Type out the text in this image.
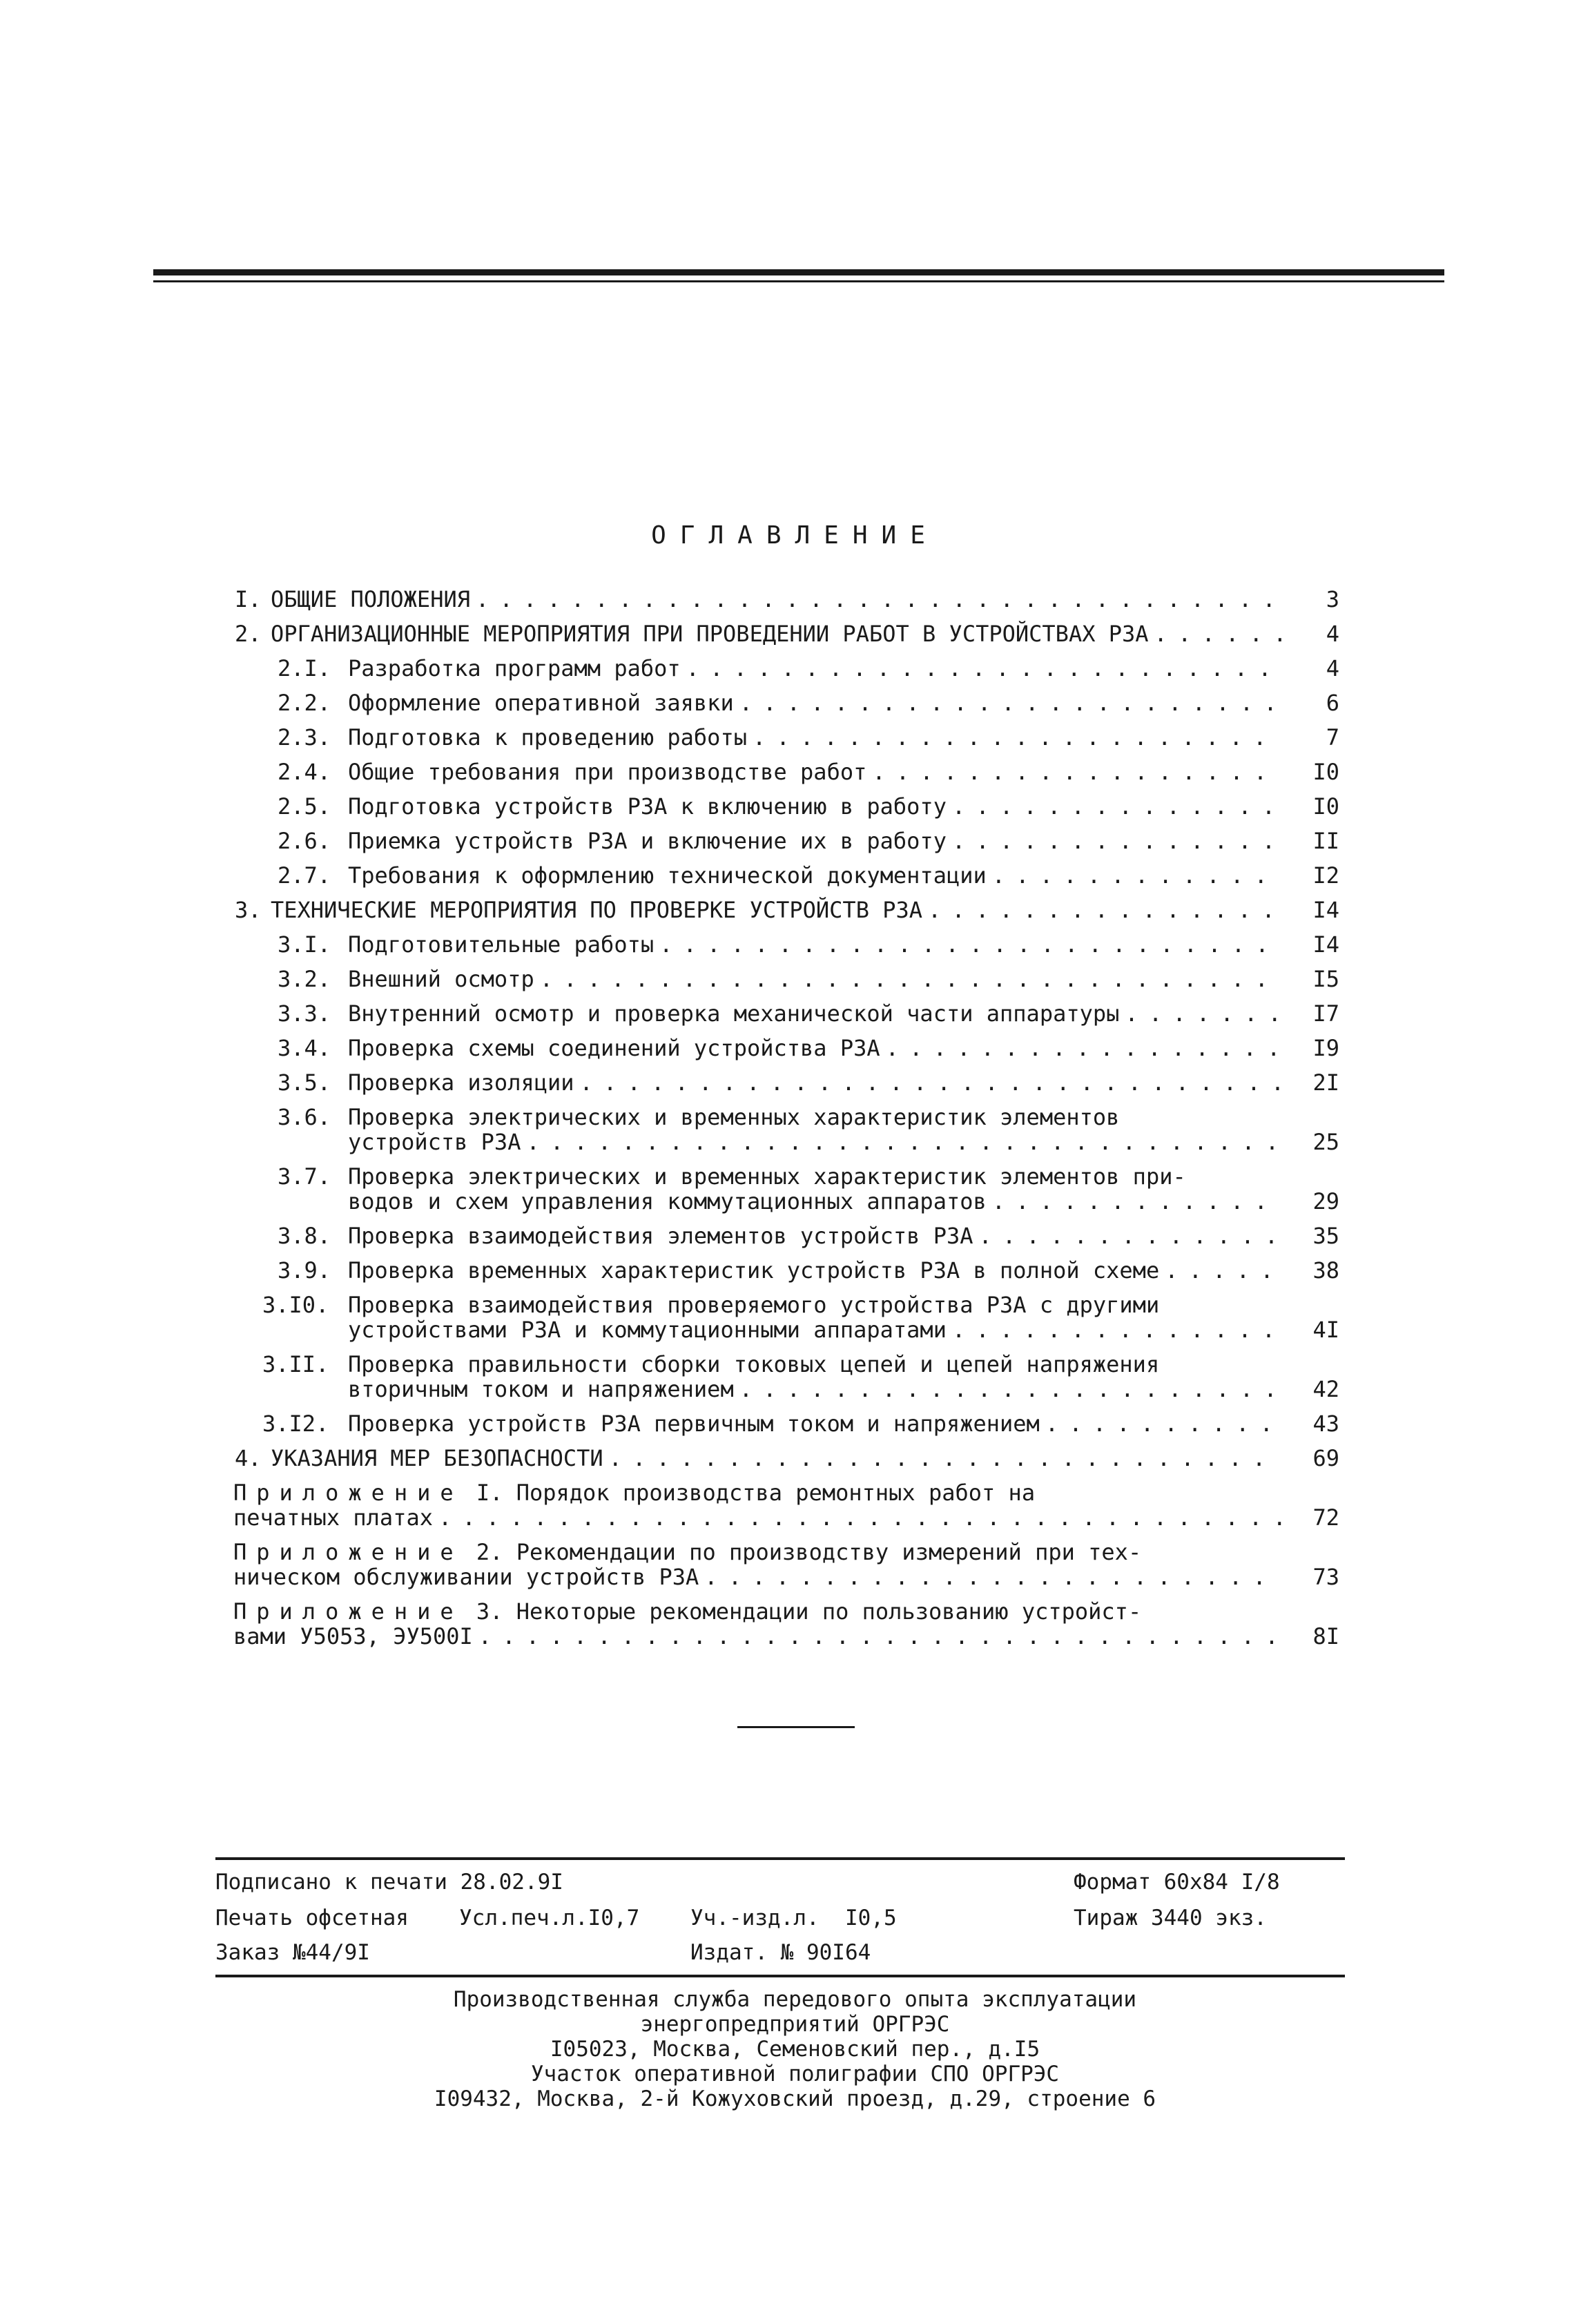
ОГЛАВЛЕНИЕ
I. ОБЩИЕ ПОЛОЖЕНИЯ . . .	3
2. ОРГАНИЗАЦИОННЫЕ МЕРОПРИЯТИЯ ПРИ ПРОВЕДЕНИИ РАБОТ В УСТРОЙСТВАХ РЗА . . .	4
2.I. Разработка программ работ . . .	4
2.2. Оформление оперативной заявки . . .	6
2.3. Подготовка к проведению работы . . .	7
2.4. Общие требования при производстве работ . . .	I0
2.5. Подготовка устройств РЗА к включению в работу . . .	I0
2.6. Приемка устройств РЗА и включение их в работу . . .	II
2.7. Требования к оформлению технической документации . . .	I2
3. ТЕХНИЧЕСКИЕ МЕРОПРИЯТИЯ ПО ПРОВЕРКЕ УСТРОЙСТВ РЗА . . .	I4
3.I. Подготовительные работы . . .	I4
3.2. Внешний осмотр . . .	I5
3.3. Внутренний осмотр и проверка механической части аппаратуры . . .	I7
3.4. Проверка схемы соединений устройства РЗА . . .	I9
3.5. Проверка изоляции . . .	2I
3.6. Проверка электрических и временных характеристик элементов
устройств РЗА . . .	25
3.7. Проверка электрических и временных характеристик элементов при-
водов и схем управления коммутационных аппаратов . . .	29
3.8. Проверка взаимодействия элементов устройств РЗА . . .	35
3.9. Проверка временных характеристик устройств РЗА в полной схеме . . .	38
3.I0. Проверка взаимодействия проверяемого устройства РЗА с другими
устройствами РЗА и коммутационными аппаратами . . .	4I
3.II. Проверка правильности сборки токовых цепей и цепей напряжения
вторичным током и напряжением . . .	42
3.I2. Проверка устройств РЗА первичным током и напряжением . . .	43
4. УКАЗАНИЯ МЕР БЕЗОПАСНОСТИ . . .	69
Приложение I. Порядок производства ремонтных работ на
печатных платах . . .	72
Приложение 2. Рекомендации по производству измерений при тех-
ническом обслуживании устройств РЗА . . .	73
Приложение 3. Некоторые рекомендации по пользованию устройст-
вами У5053, ЭУ500I . . .	8I
Подписано к печати 28.02.9I	Формат 60х84 I/8
Печать офсетная Усл.печ.л.I0,7 Уч.-изд.л.  I0,5	Тираж 3440 экз.
Заказ №44/9I	Издат. № 90I64
Производственная служба передового опыта эксплуатации
энергопредприятий ОРГРЭС
I05023, Москва, Семеновский пер., д.I5
Участок оперативной полиграфии СПО ОРГРЭС
I09432, Москва, 2-й Кожуховский проезд, д.29, строение 6
